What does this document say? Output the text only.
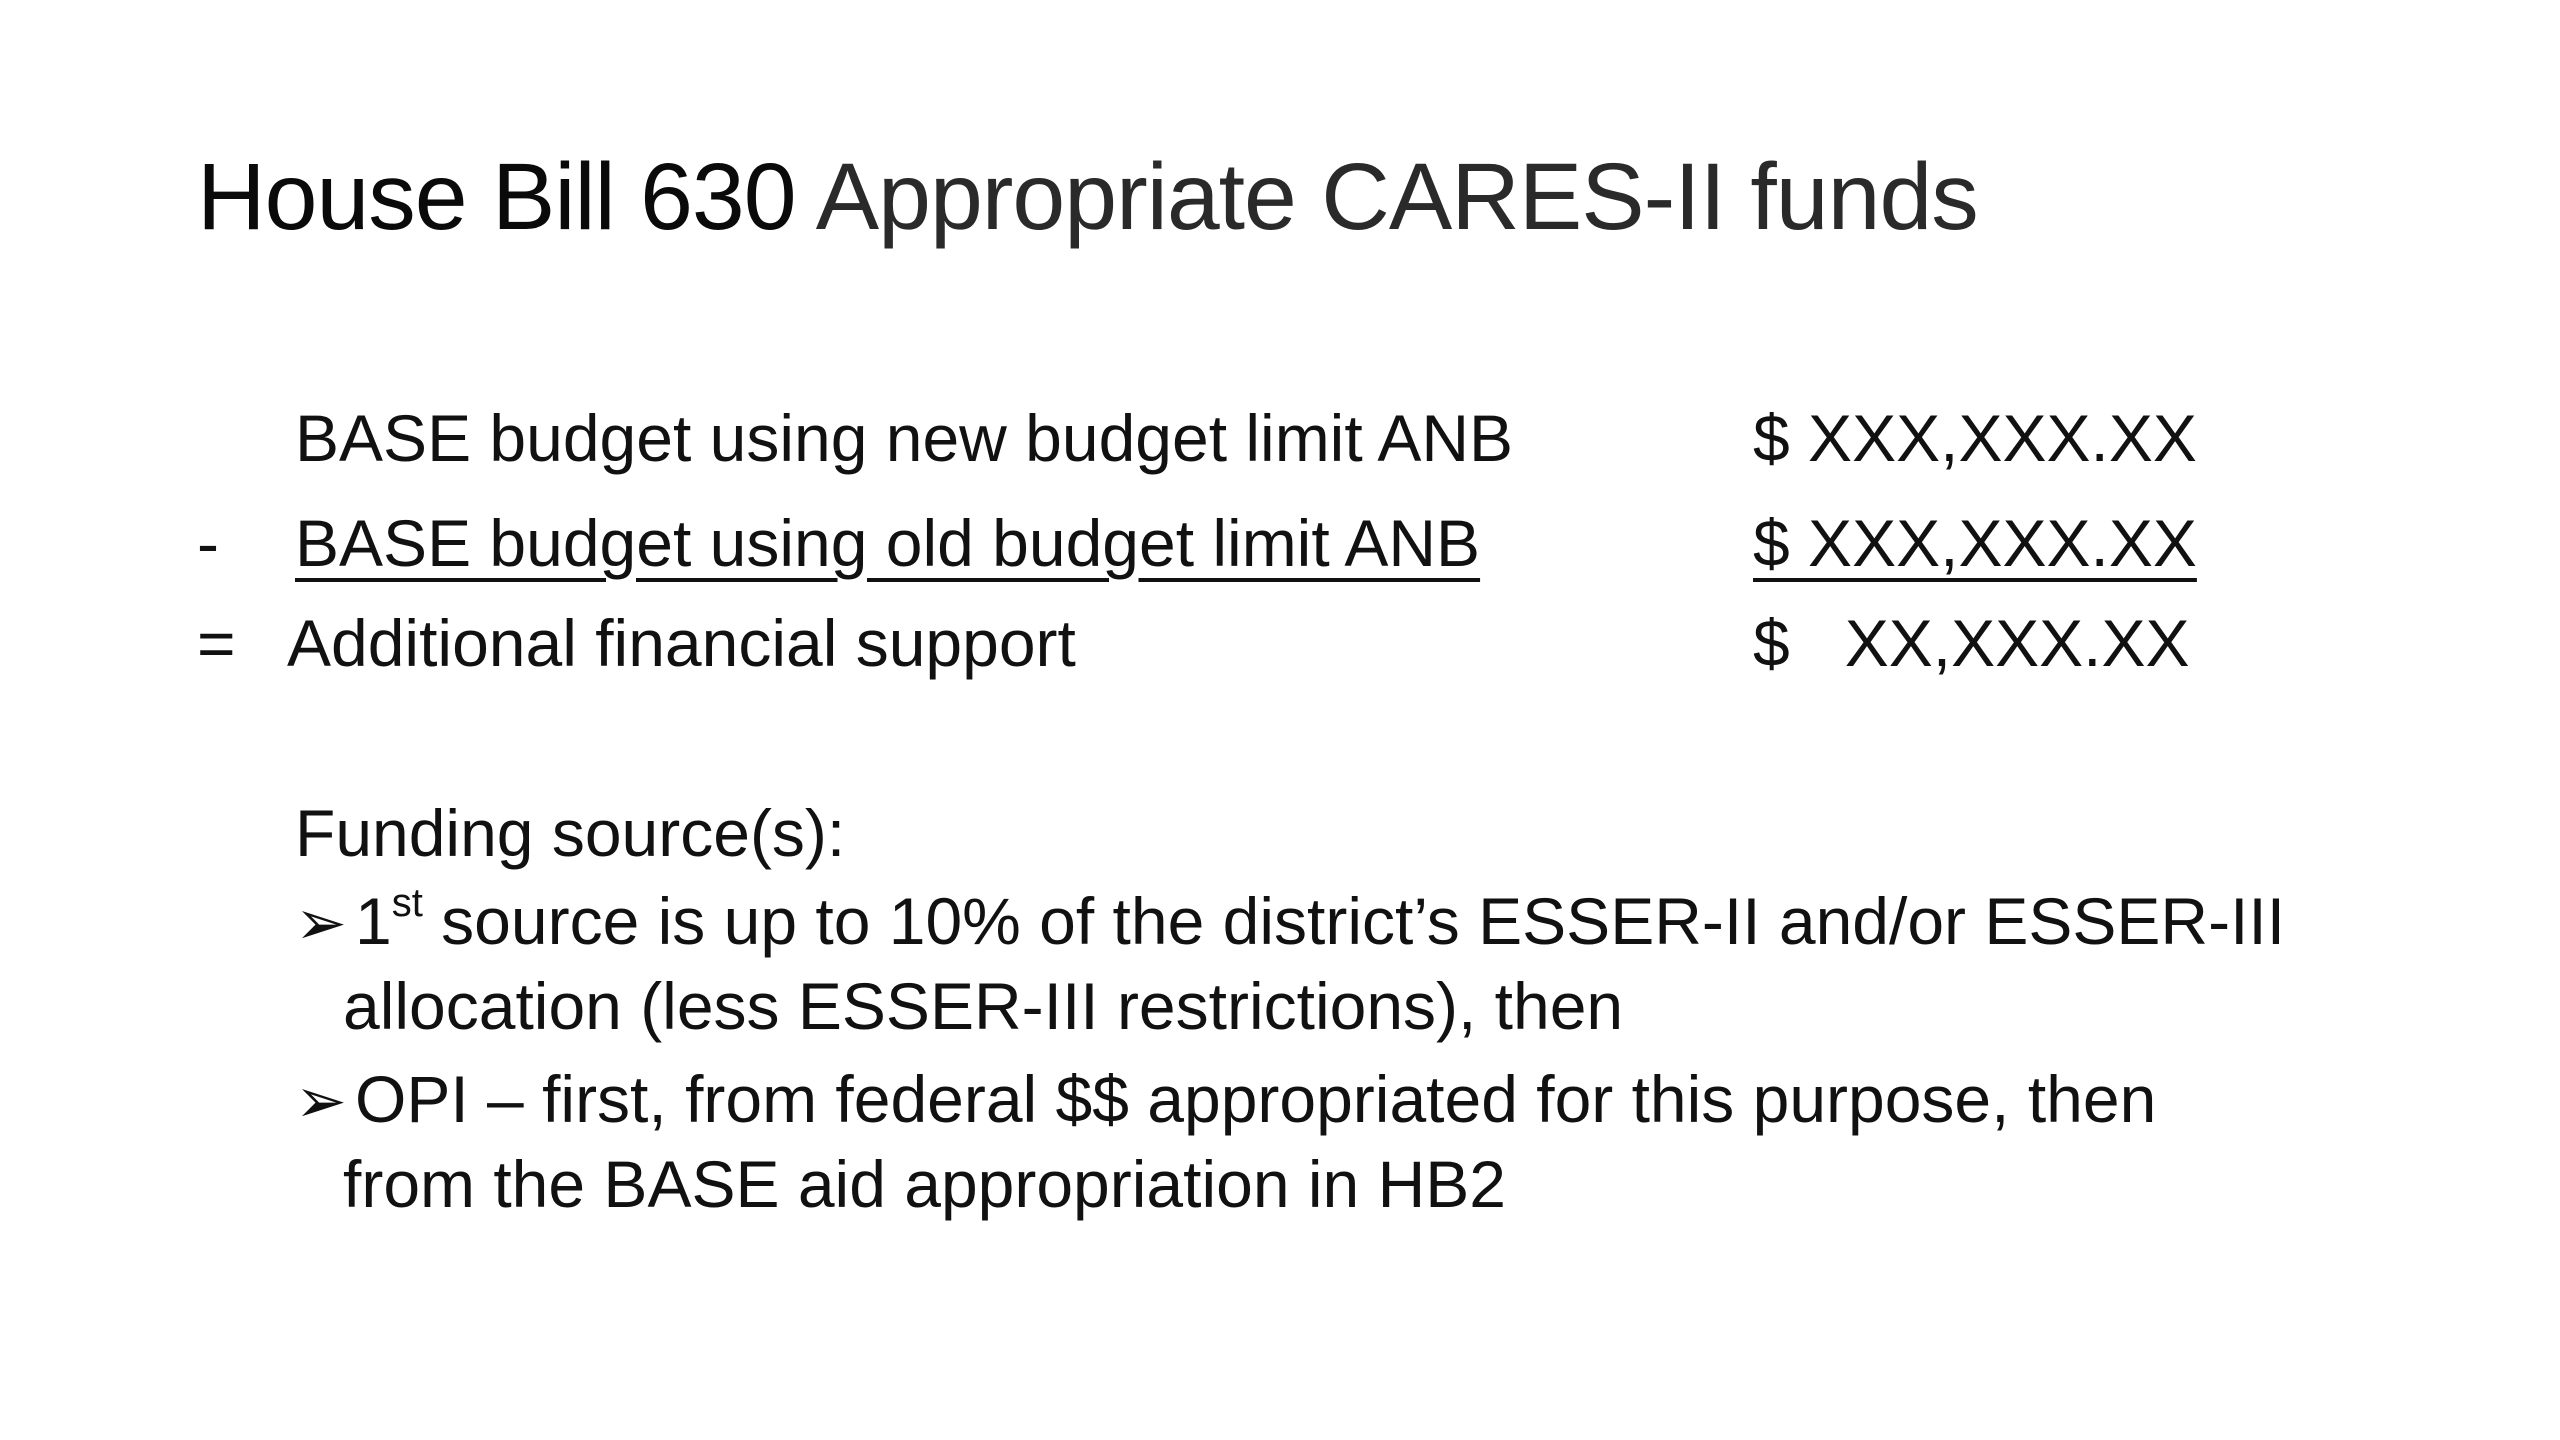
House Bill 630 Appropriate CARES-II funds
BASE budget using new budget limit ANB	$ XXX,XXX.XX
- BASE budget using old budget limit ANB	$ XXX,XXX.XX
= Additional financial support	$   XX,XXX.XX
Funding source(s):
➢ 1st source is up to 10% of the district’s ESSER-II and/or ESSER-III
allocation (less ESSER-III restrictions), then
➢ OPI – first, from federal $$ appropriated for this purpose, then
from the BASE aid appropriation in HB2
